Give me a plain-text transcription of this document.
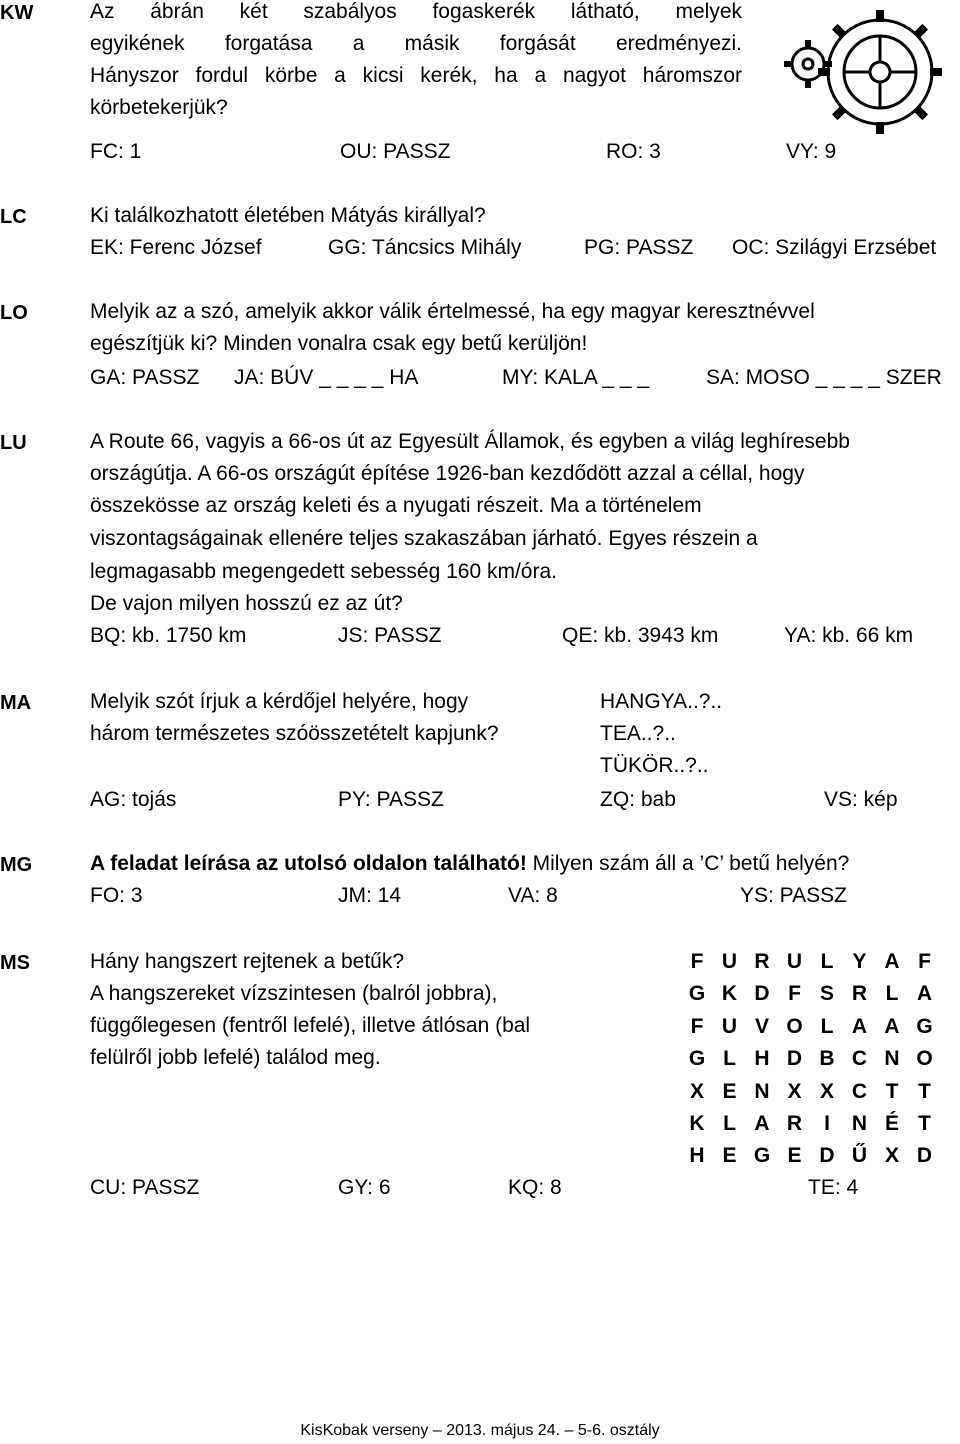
KW	Az ábrán két szabályos fogaskerék látható, melyek
egyikének forgatása a másik forgását eredményezi.
Hányszor fordul körbe a kicsi kerék, ha a nagyot háromszor
körbetekerjük?
FC: 1	OU: PASSZ	RO: 3	VY: 9
LC	Ki találkozhatott életében Mátyás királlyal?
EK: Ferenc József	GG: Táncsics Mihály	PG: PASSZ OC: Szilágyi Erzsébet
LO	Melyik az a szó, amelyik akkor válik értelmessé, ha egy magyar keresztnévvel
egészítjük ki? Minden vonalra csak egy betű kerüljön!
GA: PASSZ JA: BÚV _ _ _ _ HA	MY: KALA _ _ _	SA: MOSO _ _ _ _ SZER
LU	A Route 66, vagyis a 66-os út az Egyesült Államok, és egyben a világ leghíresebb
országútja. A 66-os országút építése 1926-ban kezdődött azzal a céllal, hogy
összekösse az ország keleti és a nyugati részeit. Ma a történelem
viszontagságainak ellenére teljes szakaszában járható. Egyes részein a
legmagasabb megengedett sebesség 160 km/óra.
De vajon milyen hosszú ez az út?
BQ: kb. 1750 km	JS: PASSZ	QE: kb. 3943 km	YA: kb. 66 km
MA	Melyik szót írjuk a kérdőjel helyére, hogy
három természetes szóösszetételt kapjunk?
HANGYA..?..
TEA..?..
TÜKÖR..?..
AG: tojás	PY: PASSZ	ZQ: bab	VS: kép
MG	A feladat leírása az utolsó oldalon található! Milyen szám áll a ’C’ betű helyén?
FO: 3	JM: 14	VA: 8	YS: PASSZ
MS	Hány hangszert rejtenek a betűk?
A hangszereket vízszintesen (balról jobbra),
függőlegesen (fentről lefelé), illetve átlósan (bal
felülről jobb lefelé) találod meg.
F U R U L Y A F
G K D F S R L A
F U V O L A A G
G L H D B C N O
X E N X X C T T
K L A R	I	N É T
H E G E D Ű X D
CU: PASSZ	GY: 6	KQ: 8	TE: 4
KisKobak verseny – 2013. május 24. – 5-6. osztály
